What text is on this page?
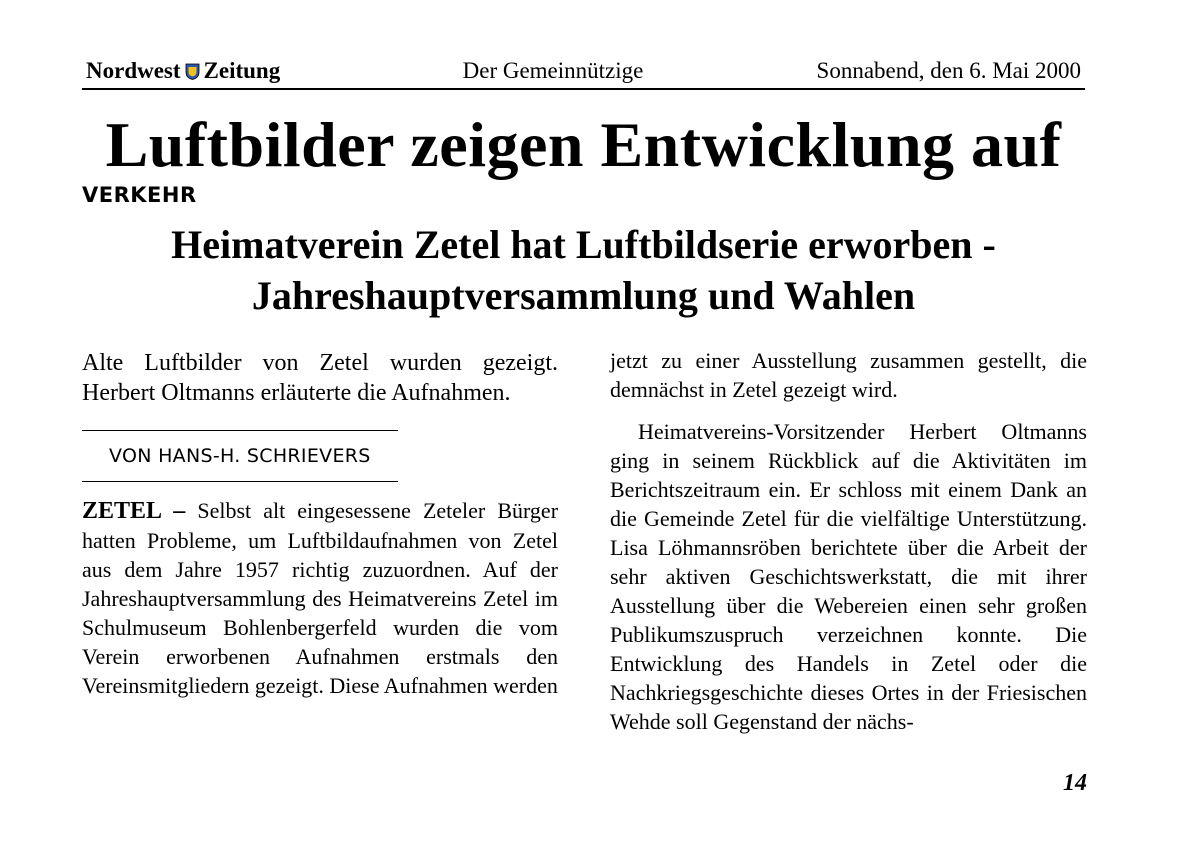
Nordwest Zeitung	Der Gemeinnützige	Sonnabend, den 6. Mai 2000
Luftbilder zeigen Entwicklung auf
VERKEHR
Heimatverein Zetel hat Luftbildserie erworben -
Jahreshauptversammlung und Wahlen

Alte Luftbilder von Zetel wurden gezeigt. Herbert Oltmanns erläuterte die Aufnahmen.

VON HANS-H. SCHRIEVERS

ZETEL – Selbst alt eingesessene Zeteler Bürger hatten Probleme, um Luftbildaufnahmen von Zetel aus dem Jahre 1957 richtig zuzuordnen. Auf der Jahreshauptversammlung des Heimatvereins Zetel im Schulmuseum Bohlenbergerfeld wurden die vom Verein erworbenen Aufnahmen erstmals den Vereinsmitgliedern gezeigt. Diese Aufnahmen werden

jetzt zu einer Ausstellung zusammen gestellt, die demnächst in Zetel gezeigt wird.

Heimatvereins-Vorsitzender Herbert Oltmanns ging in seinem Rückblick auf die Aktivitäten im Berichtszeitraum ein. Er schloss mit einem Dank an die Gemeinde Zetel für die vielfältige Unterstützung. Lisa Löhmannsröben berichtete über die Arbeit der sehr aktiven Geschichtswerkstatt, die mit ihrer Ausstellung über die Webereien einen sehr großen Publikumszuspruch verzeichnen konnte. Die Entwicklung des Handels in Zetel oder die Nachkriegsgeschichte dieses Ortes in der Friesischen Wehde soll Gegenstand der nächs-

14
